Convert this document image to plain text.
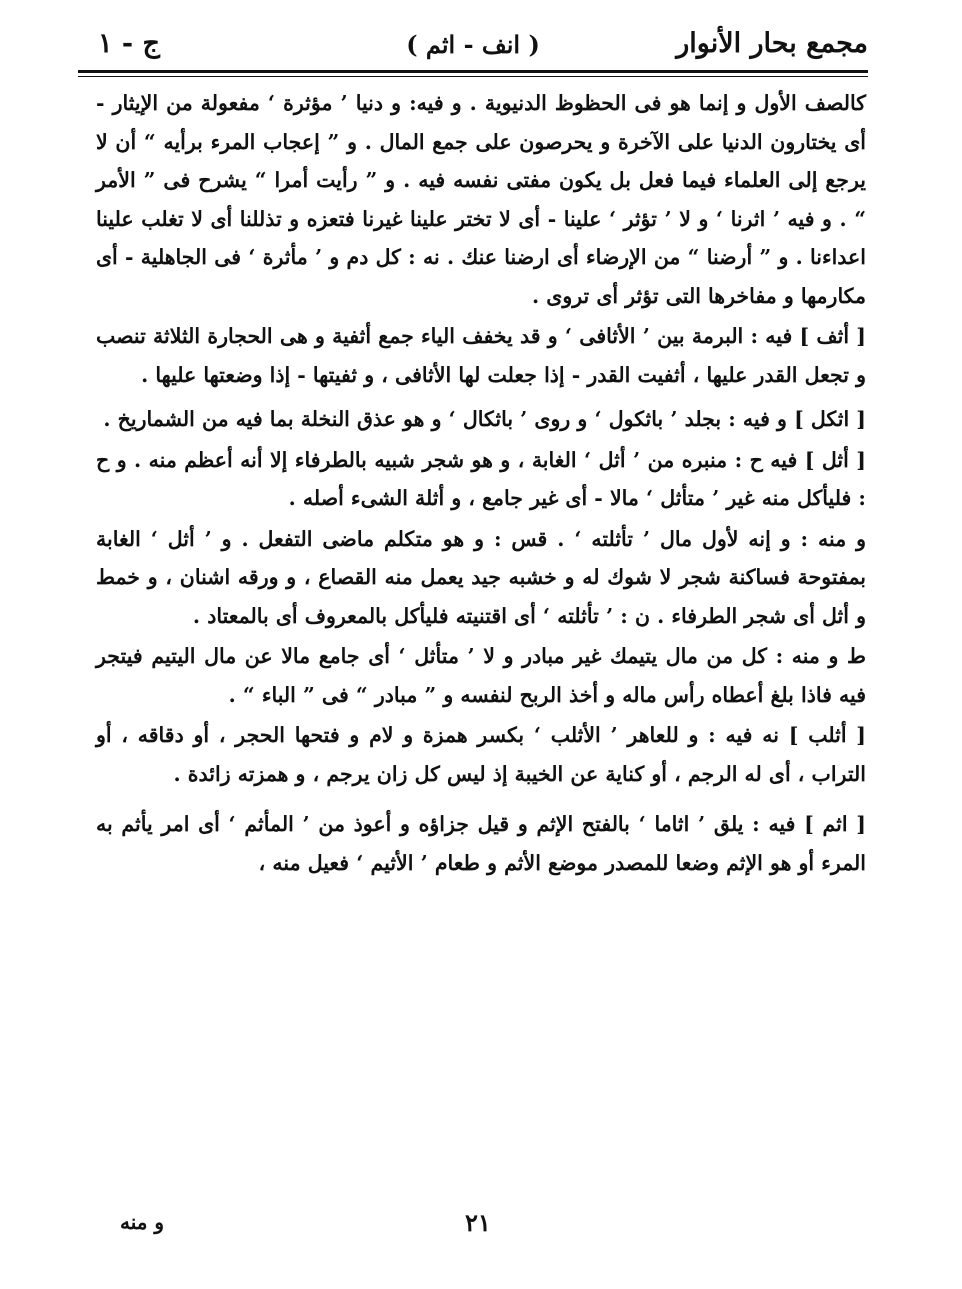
مجمع بحار الأنوار
( انف - اثم )
ج - ١

كالصف الأول و إنما هو فى الحظوظ الدنيوية . و فيه: و دنيا ’ مؤثرة ‘ مفعولة من الإيثار - أى يختارون الدنيا على الآخرة و يحرصون على جمع المال . و ” إعجاب المرء برأيه “ أن لا يرجع إلى العلماء فيما فعل بل يكون مفتى نفسه فيه . و ” رأيت أمرا “ يشرح فى ” الأمر “ . و فيه ’ اثرنا ‘ و لا ’ تؤثر ‘ علينا - أى لا تختر علينا غيرنا فتعزه و تذللنا أى لا تغلب علينا اعداءنا . و ” أرضنا “ من الإرضاء أى ارضنا عنك . نه : كل دم و ’ مأثرة ‘ فى الجاهلية - أى مكارمها و مفاخرها التى تؤثر أى تروى .

[ أثف ] فيه : البرمة بين ’ الأثافى ‘ و قد يخفف الياء جمع أثفية و هى الحجارة الثلاثة تنصب و تجعل القدر عليها ، أثفيت القدر - إذا جعلت لها الأثافى ، و ثفيتها - إذا وضعتها عليها .

[ اثكل ] و فيه : بجلد ’ باثكول ‘ و روى ’ باثكال ‘ و هو عذق النخلة بما فيه من الشماريخ .

[ أثل ] فيه ح : منبره من ’ أثل ‘ الغابة ، و هو شجر شبيه بالطرفاء إلا أنه أعظم منه . و ح : فليأكل منه غير ’ متأثل ‘ مالا - أى غير جامع ، و أثلة الشىء أصله .

و منه : و إنه لأول مال ’ تأثلته ‘ . قس : و هو متكلم ماضى التفعل . و ’ أثل ‘ الغابة بمفتوحة فساكنة شجر لا شوك له و خشبه جيد يعمل منه القصاع ، و ورقه اشنان ، و خمط و أثل أى شجر الطرفاء . ن : ’ تأثلته ‘ أى اقتنيته فليأكل بالمعروف أى بالمعتاد .

ط و منه : كل من مال يتيمك غير مبادر و لا ’ متأثل ‘ أى جامع مالا عن مال اليتيم فيتجر فيه فاذا بلغ أعطاه رأس ماله و أخذ الربح لنفسه و ” مبادر “ فى ” الباء “ .

[ أثلب ] نه فيه : و للعاهر ’ الأثلب ‘ بكسر همزة و لام و فتحها الحجر ، أو دقاقه ، أو التراب ، أى له الرجم ، أو كناية عن الخيبة إذ ليس كل زان يرجم ، و همزته زائدة .

[ اثم ] فيه : يلق ’ اثاما ‘ بالفتح الإثم و قيل جزاؤه و أعوذ من ’ المأثم ‘ أى امر يأثم به المرء أو هو الإثم وضعا للمصدر موضع الأثم و طعام ’ الأثيم ‘ فعيل منه ،

و منه	٢١
